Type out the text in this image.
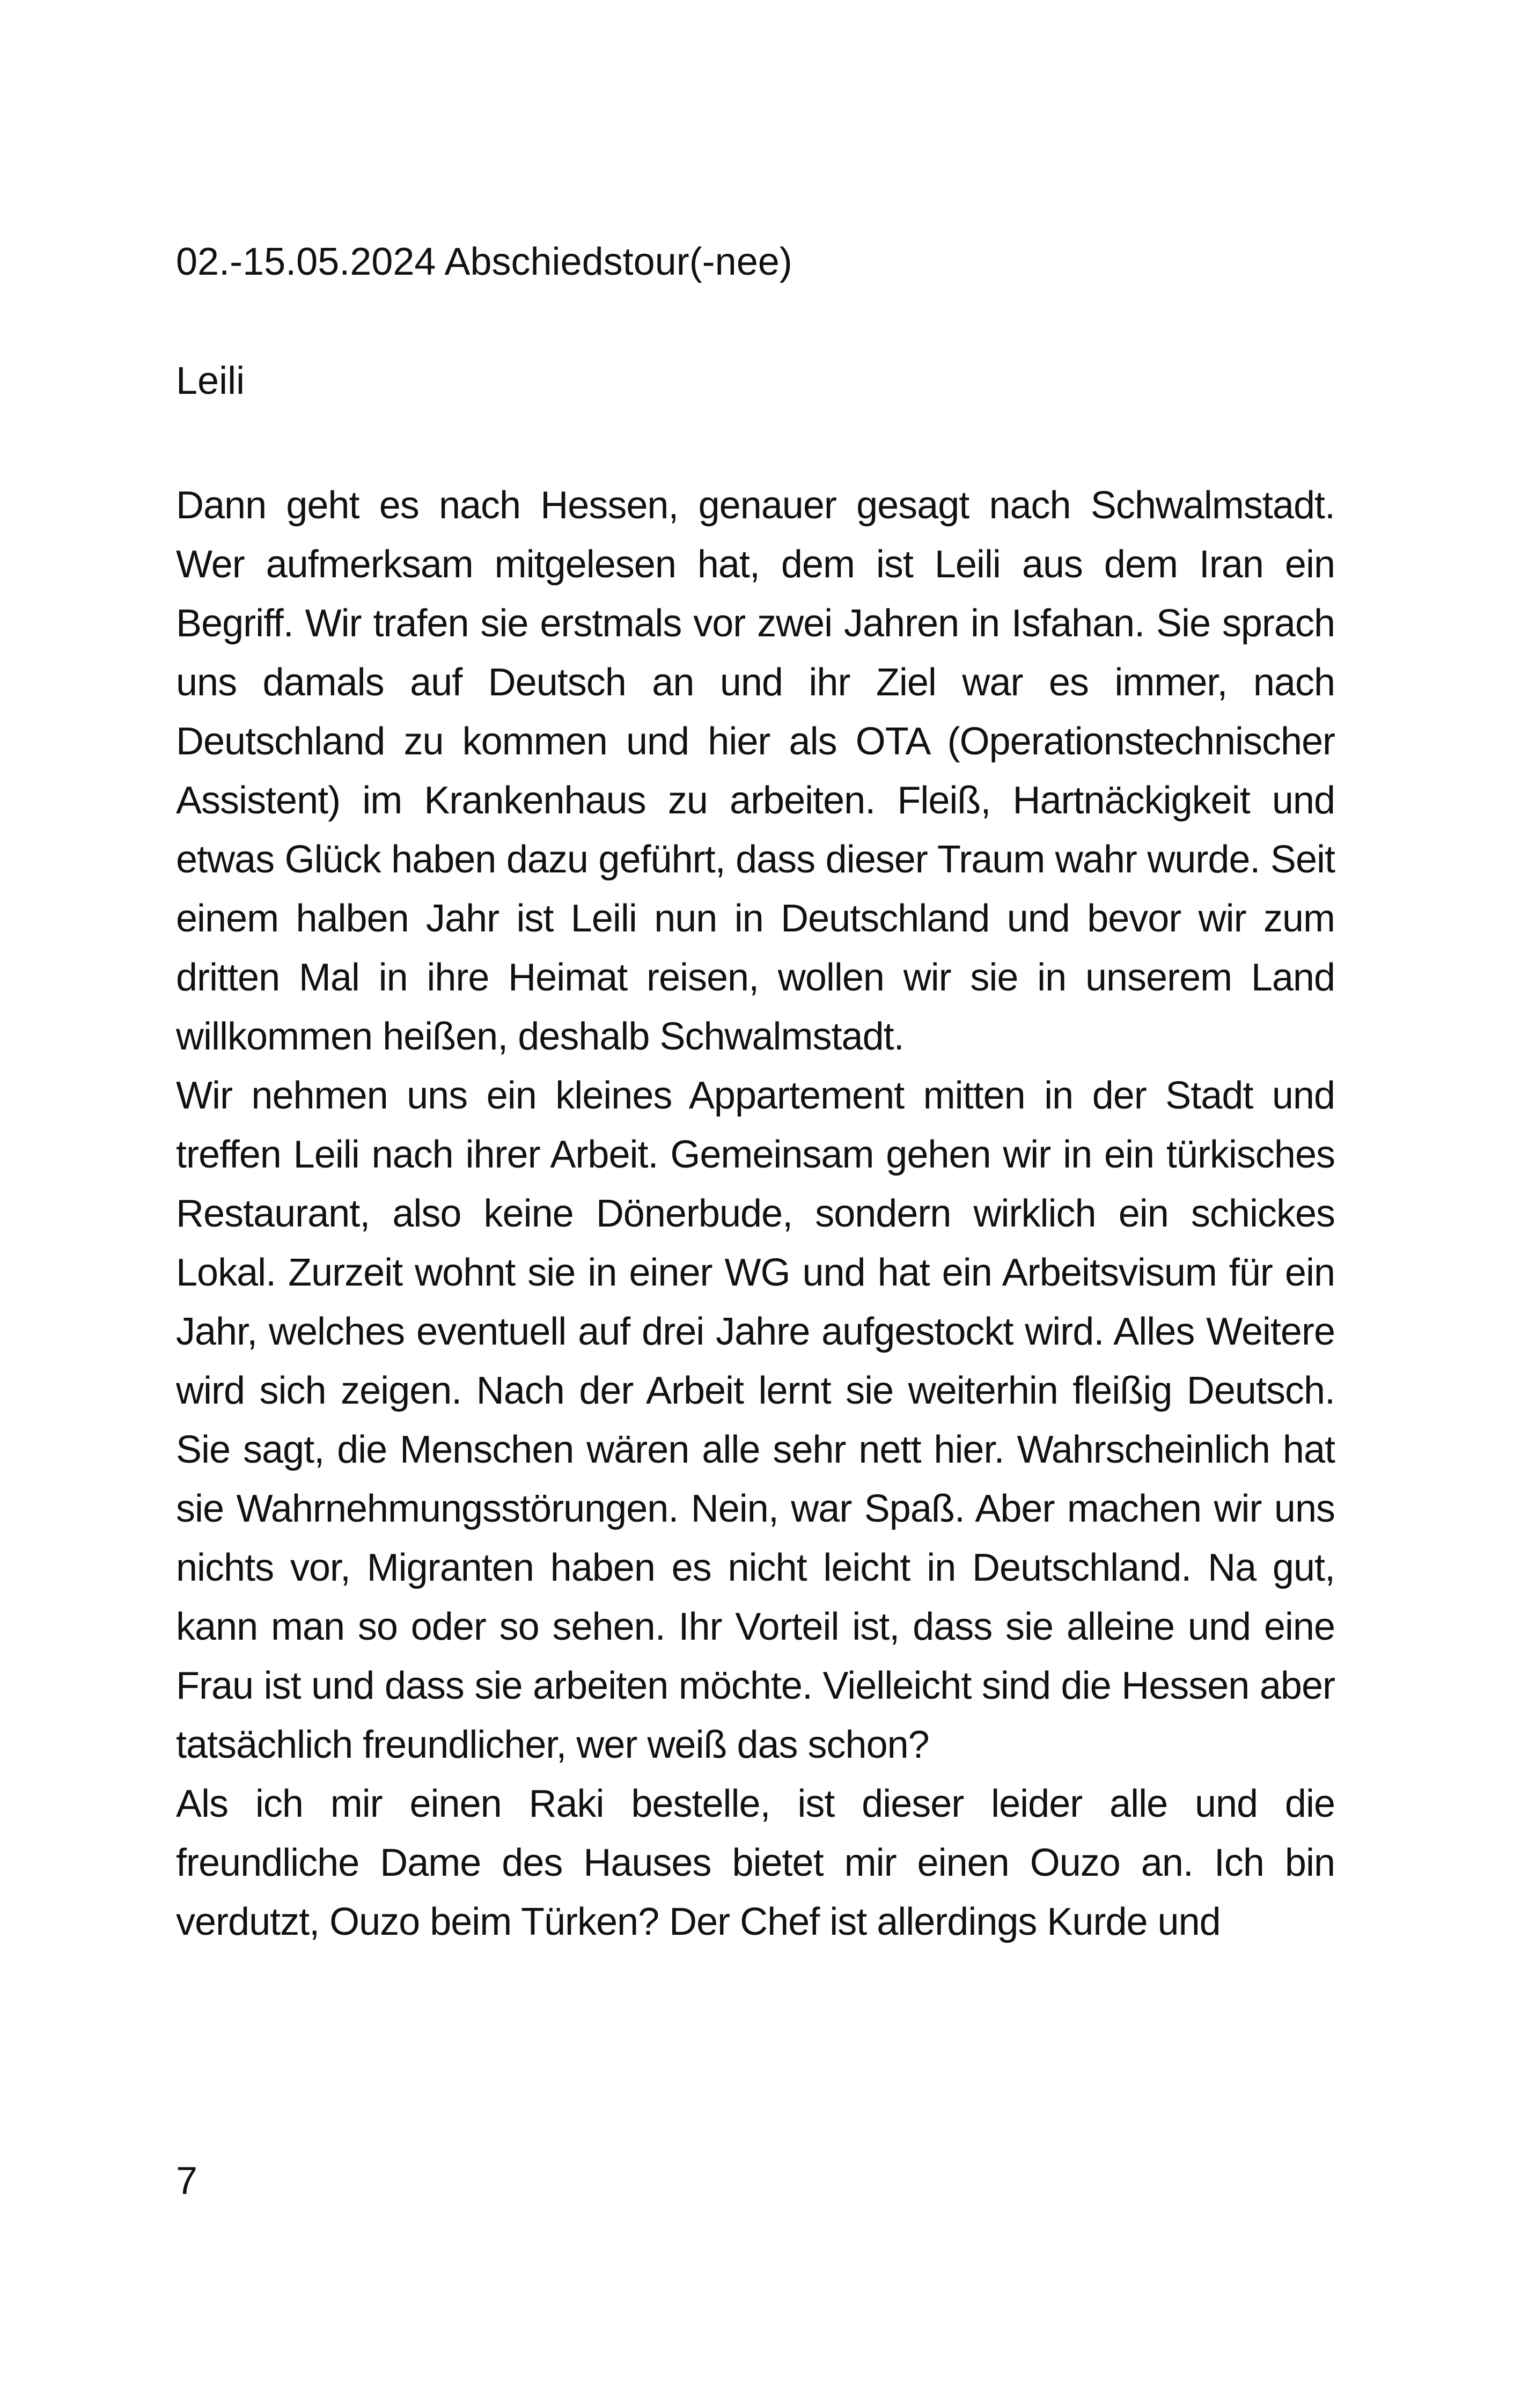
02.-15.05.2024 Abschiedstour(-nee)
Leili

Dann geht es nach Hessen, genauer gesagt nach Schwalmstadt. Wer aufmerksam mitgelesen hat, dem ist Leili aus dem Iran ein Begriff. Wir trafen sie erstmals vor zwei Jahren in Isfahan. Sie sprach uns damals auf Deutsch an und ihr Ziel war es immer, nach Deutschland zu kommen und hier als OTA (Operationstechnischer Assistent) im Krankenhaus zu arbeiten. Fleiß, Hartnäckigkeit und etwas Glück haben dazu geführt, dass dieser Traum wahr wurde. Seit einem halben Jahr ist Leili nun in Deutschland und bevor wir zum dritten Mal in ihre Heimat reisen, wollen wir sie in unserem Land willkommen heißen, deshalb Schwalmstadt.

Wir nehmen uns ein kleines Appartement mitten in der Stadt und treffen Leili nach ihrer Arbeit. Gemeinsam gehen wir in ein türkisches Restaurant, also keine Dönerbude, sondern wirklich ein schickes Lokal. Zurzeit wohnt sie in einer WG und hat ein Arbeitsvisum für ein Jahr, welches eventuell auf drei Jahre aufgestockt wird. Alles Weitere wird sich zeigen. Nach der Arbeit lernt sie weiterhin fleißig Deutsch. Sie sagt, die Menschen wären alle sehr nett hier. Wahrscheinlich hat sie Wahrnehmungsstörungen. Nein, war Spaß. Aber machen wir uns nichts vor, Migranten haben es nicht leicht in Deutschland. Na gut, kann man so oder so sehen. Ihr Vorteil ist, dass sie alleine und eine Frau ist und dass sie arbeiten möchte. Vielleicht sind die Hessen aber tatsächlich freundlicher, wer weiß das schon?

Als ich mir einen Raki bestelle, ist dieser leider alle und die freundliche Dame des Hauses bietet mir einen Ouzo an. Ich bin verdutzt, Ouzo beim Türken? Der Chef ist allerdings Kurde und

7
